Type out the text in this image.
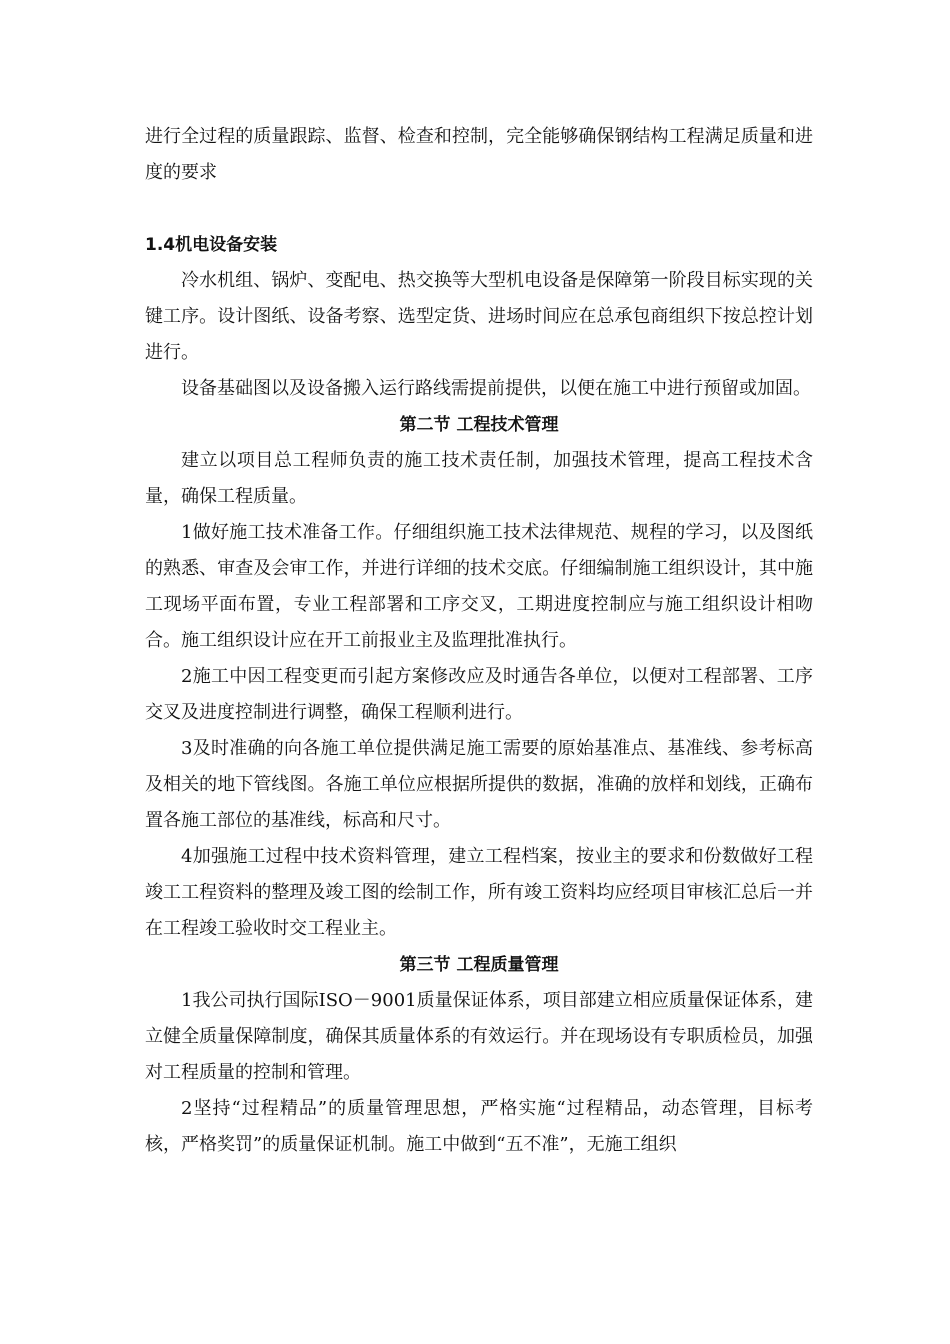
进行全过程的质量跟踪、监督、检查和控制，完全能够确保钢结构工程满足质量和进度的要求

1.4机电设备安装

冷水机组、锅炉、变配电、热交换等大型机电设备是保障第一阶段目标实现的关键工序。设计图纸、设备考察、选型定货、进场时间应在总承包商组织下按总控计划进行。

设备基础图以及设备搬入运行路线需提前提供，以便在施工中进行预留或加固。

第二节 工程技术管理

建立以项目总工程师负责的施工技术责任制，加强技术管理，提高工程技术含量，确保工程质量。

1做好施工技术准备工作。仔细组织施工技术法律规范、规程的学习，以及图纸的熟悉、审查及会审工作，并进行详细的技术交底。仔细编制施工组织设计，其中施工现场平面布置，专业工程部署和工序交叉，工期进度控制应与施工组织设计相吻合。施工组织设计应在开工前报业主及监理批准执行。

2施工中因工程变更而引起方案修改应及时通告各单位，以便对工程部署、工序交叉及进度控制进行调整，确保工程顺利进行。

3及时准确的向各施工单位提供满足施工需要的原始基准点、基准线、参考标高及相关的地下管线图。各施工单位应根据所提供的数据，准确的放样和划线，正确布置各施工部位的基准线，标高和尺寸。

4加强施工过程中技术资料管理，建立工程档案，按业主的要求和份数做好工程竣工工程资料的整理及竣工图的绘制工作，所有竣工资料均应经项目审核汇总后一并在工程竣工验收时交工程业主。

第三节 工程质量管理

1我公司执行国际ISO－9001质量保证体系，项目部建立相应质量保证体系，建立健全质量保障制度，确保其质量体系的有效运行。并在现场设有专职质检员，加强对工程质量的控制和管理。

2坚持“过程精品”的质量管理思想，严格实施“过程精品，动态管理，目标考核，严格奖罚”的质量保证机制。施工中做到“五不准”，无施工组织
